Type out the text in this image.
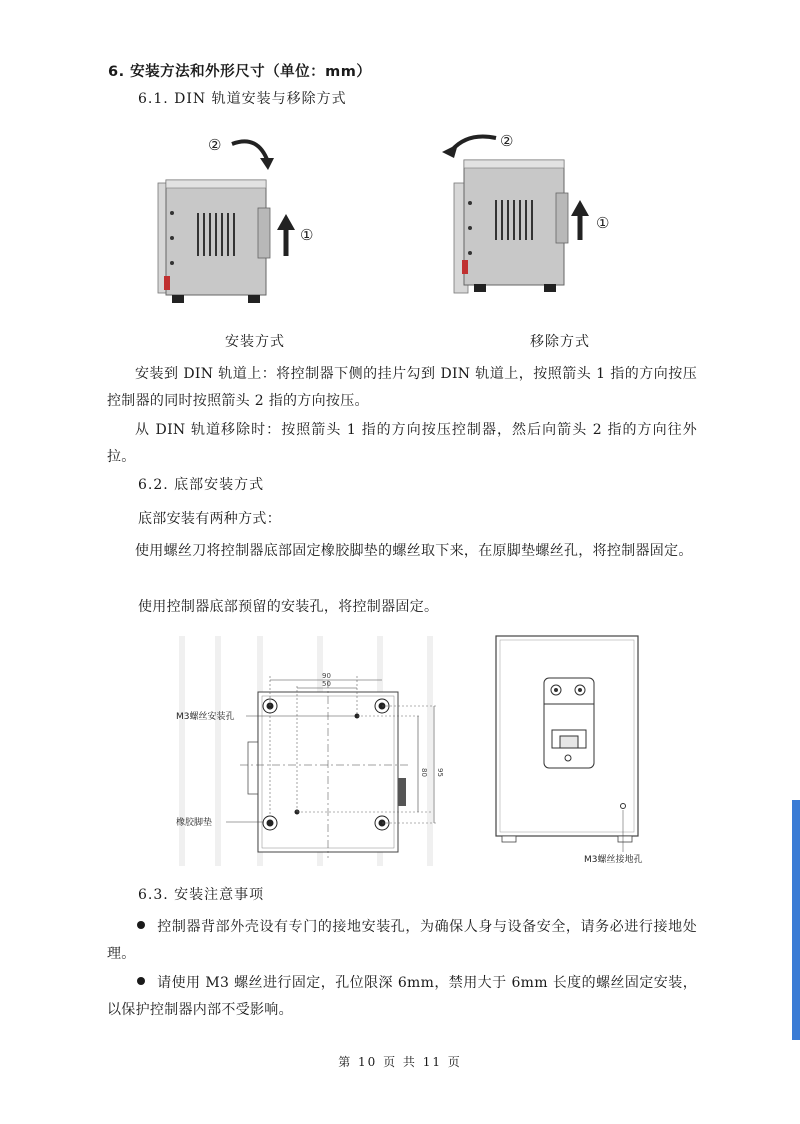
6. 安装方法和外形尺寸（单位：mm）
6.1. DIN 轨道安装与移除方式
②
①
②
①
安装方式	移除方式
安装到 DIN 轨道上：将控制器下侧的挂片勾到 DIN 轨道上，按照箭头 1 指的方向按压控制器的同时按照箭头 2 指的方向按压。
从 DIN 轨道移除时：按照箭头 1 指的方向按压控制器，然后向箭头 2 指的方向往外拉。
6.2. 底部安装方式
底部安装有两种方式：
使用螺丝刀将控制器底部固定橡胶脚垫的螺丝取下来，在原脚垫螺丝孔，将控制器固定。
使用控制器底部预留的安装孔，将控制器固定。
90
50
80 95
M3螺丝安装孔
橡胶脚垫
M3螺丝接地孔
6.3. 安装注意事项
控制器背部外壳设有专门的接地安装孔，为确保人身与设备安全，请务必进行接地处理。
请使用 M3 螺丝进行固定，孔位限深 6mm，禁用大于 6mm 长度的螺丝固定安装，以保护控制器内部不受影响。
第 10 页 共 11 页
